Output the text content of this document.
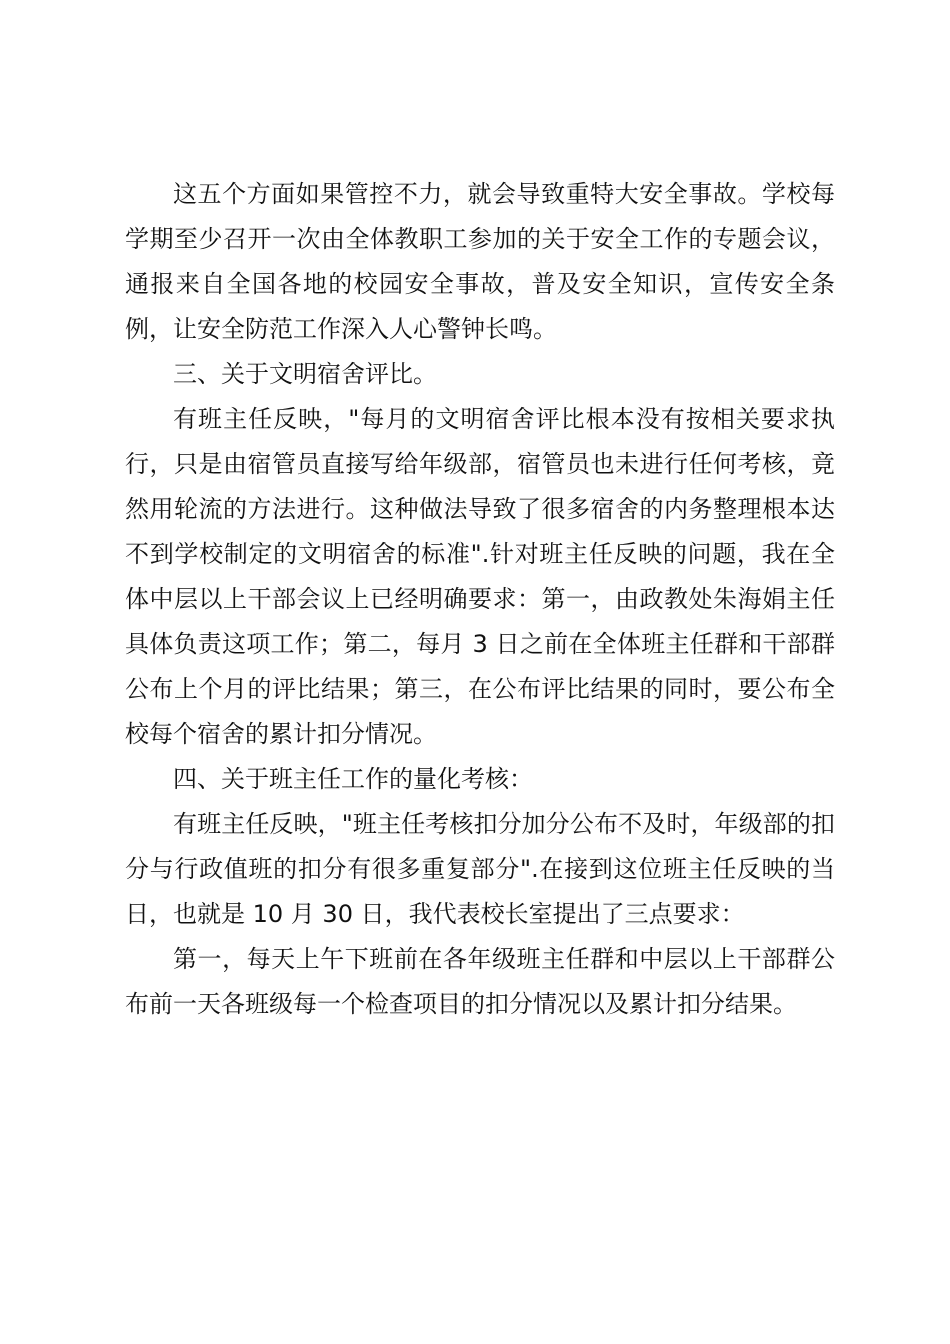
这五个方面如果管控不力，就会导致重特大安全事故。学校每学期至少召开一次由全体教职工参加的关于安全工作的专题会议，通报来自全国各地的校园安全事故，普及安全知识，宣传安全条例，让安全防范工作深入人心警钟长鸣。

三、关于文明宿舍评比。

有班主任反映，"每月的文明宿舍评比根本没有按相关要求执行，只是由宿管员直接写给年级部，宿管员也未进行任何考核，竟然用轮流的方法进行。这种做法导致了很多宿舍的内务整理根本达不到学校制定的文明宿舍的标准".针对班主任反映的问题，我在全体中层以上干部会议上已经明确要求：第一，由政教处朱海娟主任具体负责这项工作；第二，每月 3 日之前在全体班主任群和干部群公布上个月的评比结果；第三，在公布评比结果的同时，要公布全校每个宿舍的累计扣分情况。

四、关于班主任工作的量化考核：

有班主任反映，"班主任考核扣分加分公布不及时，年级部的扣分与行政值班的扣分有很多重复部分".在接到这位班主任反映的当日，也就是 10 月 30 日，我代表校长室提出了三点要求：

第一，每天上午下班前在各年级班主任群和中层以上干部群公布前一天各班级每一个检查项目的扣分情况以及累计扣分结果。
